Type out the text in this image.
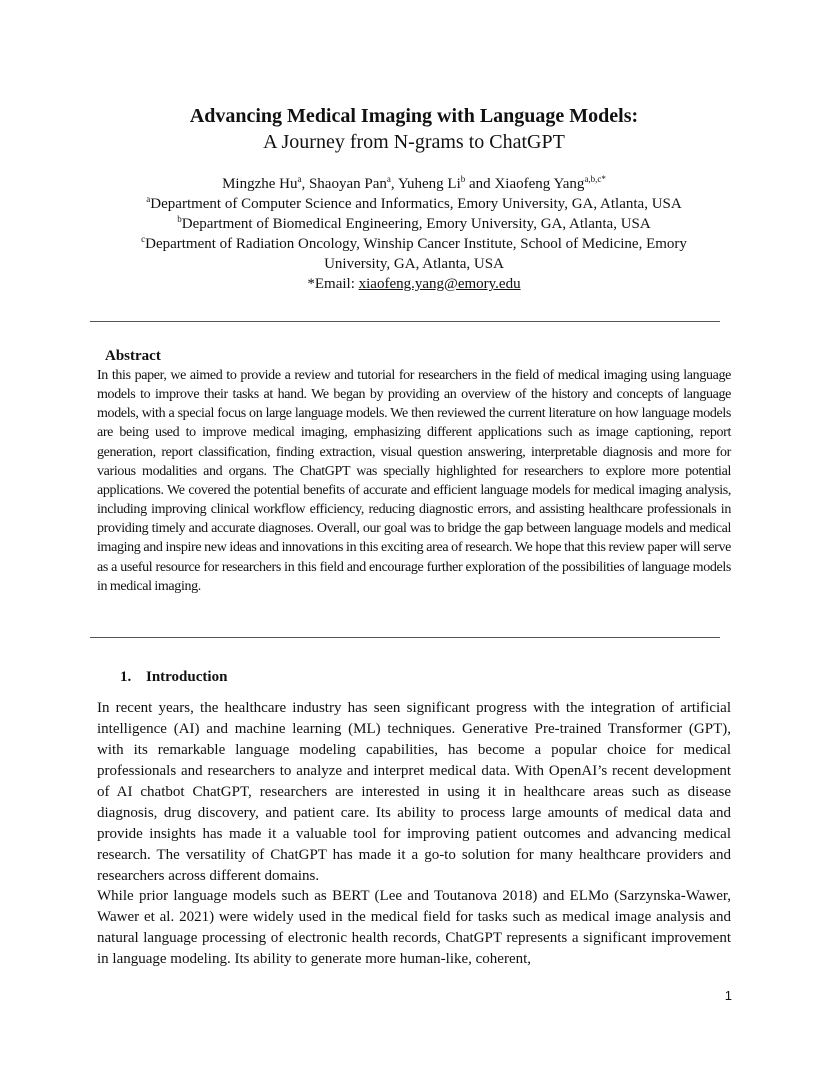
Advancing Medical Imaging with Language Models:
A Journey from N-grams to ChatGPT
Mingzhe Hu$^a$, Shaoyan Pan$^a$, Yuheng Li$^b$ and Xiaofeng Yang$^{a,b,c*}$
$^a$Department of Computer Science and Informatics, Emory University, GA, Atlanta, USA
$^b$Department of Biomedical Engineering, Emory University, GA, Atlanta, USA
$^c$Department of Radiation Oncology, Winship Cancer Institute, School of Medicine, Emory
University, GA, Atlanta, USA
*Email: xiaofeng.yang@emory.edu
Abstract
In this paper, we aimed to provide a review and tutorial for researchers in the field of medical imaging using language models to improve their tasks at hand. We began by providing an overview of the history and concepts of language models, with a special focus on large language models. We then reviewed the current literature on how language models are being used to improve medical imaging, emphasizing different applications such as image captioning, report generation, report classification, finding extraction, visual question answering, interpretable diagnosis and more for various modalities and organs. The ChatGPT was specially highlighted for researchers to explore more potential applications. We covered the potential benefits of accurate and efficient language models for medical imaging analysis, including improving clinical workflow efficiency, reducing diagnostic errors, and assisting healthcare professionals in providing timely and accurate diagnoses. Overall, our goal was to bridge the gap between language models and medical imaging and inspire new ideas and innovations in this exciting area of research. We hope that this review paper will serve as a useful resource for researchers in this field and encourage further exploration of the possibilities of language models in medical imaging.
1. Introduction
In recent years, the healthcare industry has seen significant progress with the integration of artificial intelligence (AI) and machine learning (ML) techniques. Generative Pre-trained Transformer (GPT), with its remarkable language modeling capabilities, has become a popular choice for medical professionals and researchers to analyze and interpret medical data. With OpenAI’s recent development of AI chatbot ChatGPT, researchers are interested in using it in healthcare areas such as disease diagnosis, drug discovery, and patient care. Its ability to process large amounts of medical data and provide insights has made it a valuable tool for improving patient outcomes and advancing medical research. The versatility of ChatGPT has made it a go-to solution for many healthcare providers and researchers across different domains.
While prior language models such as BERT (Lee and Toutanova 2018) and ELMo (Sarzynska-Wawer, Wawer et al. 2021) were widely used in the medical field for tasks such as medical image analysis and natural language processing of electronic health records, ChatGPT represents a significant improvement in language modeling. Its ability to generate more human-like, coherent,
1
